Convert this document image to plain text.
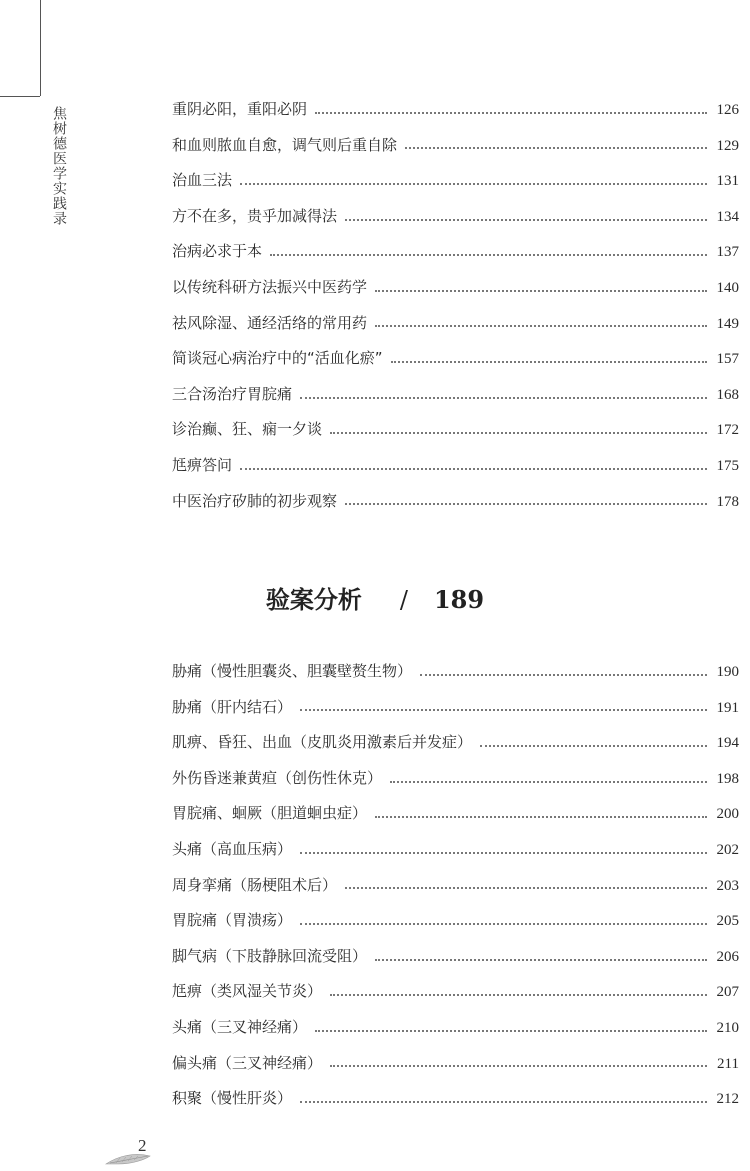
焦树德医学实践录	重阴必阳，重阳必阴	126
和血则脓血自愈，调气则后重自除	129
治血三法	131
方不在多，贵乎加减得法	134
治病必求于本	137
以传统科研方法振兴中医药学	140
祛风除湿、通经活络的常用药	149
简谈冠心病治疗中的“活血化瘀”	157
三合汤治疗胃脘痛	168
诊治癫、狂、痫一夕谈	172
尪痹答问	175
中医治疗矽肺的初步观察	178
验案分析 / 189
胁痛（慢性胆囊炎、胆囊壁赘生物）	190
胁痛（肝内结石）	191
肌痹、昏狂、出血（皮肌炎用激素后并发症）	194
外伤昏迷兼黄疸（创伤性休克）	198
胃脘痛、蛔厥（胆道蛔虫症）	200
头痛（高血压病）	202
周身挛痛（肠梗阻术后）	203
胃脘痛（胃溃疡）	205
脚气病（下肢静脉回流受阻）	206
尪痹（类风湿关节炎）	207
头痛（三叉神经痛）	210
偏头痛（三叉神经痛）	211
积聚（慢性肝炎）	212
2
